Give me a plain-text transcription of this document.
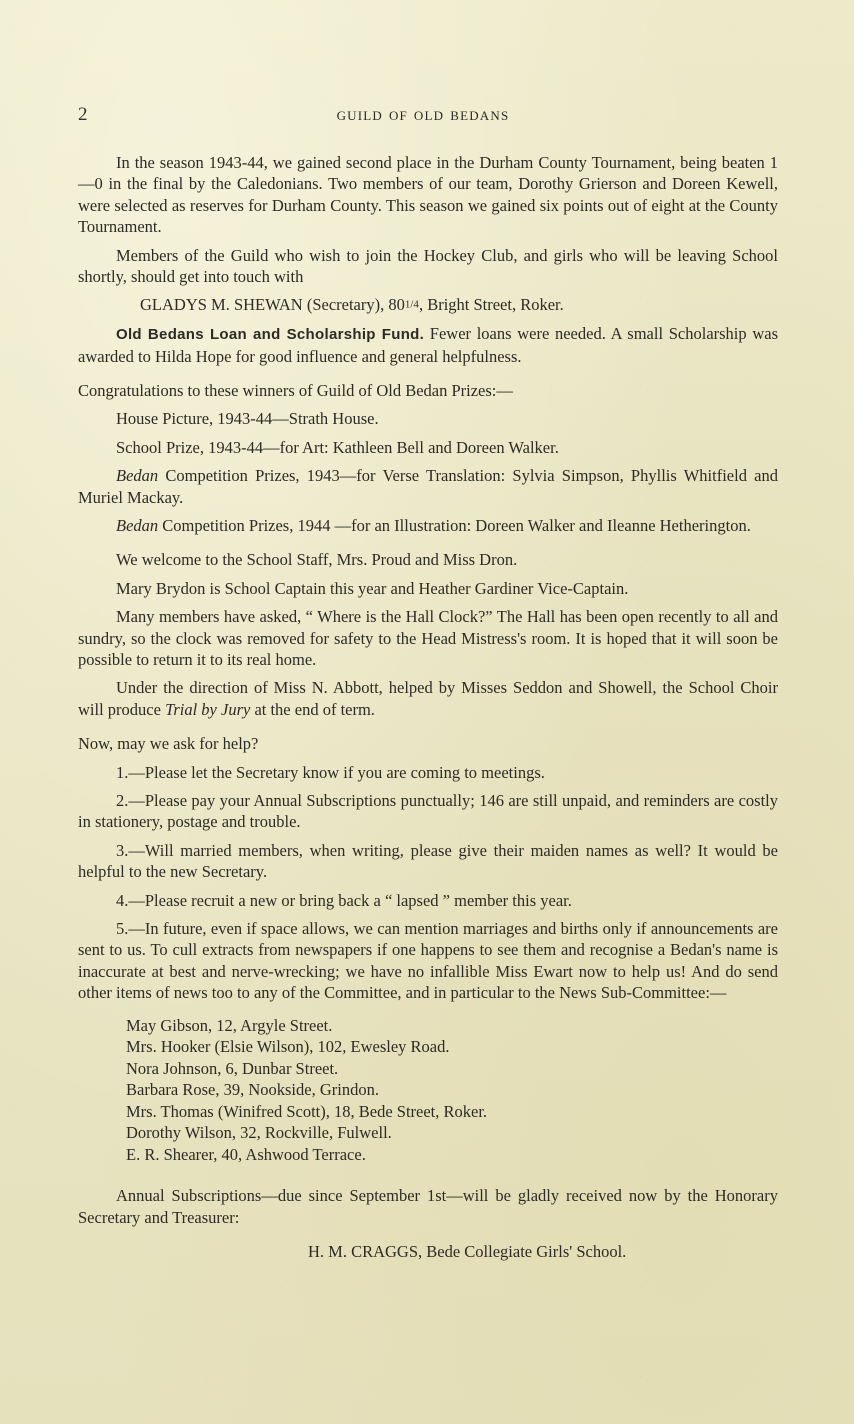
2	guild of old bedans

In the season 1943-44, we gained second place in the Durham County Tournament, being beaten 1—0 in the final by the Caledonians. Two members of our team, Dorothy Grierson and Doreen Kewell, were selected as reserves for Durham County. This season we gained six points out of eight at the County Tournament.

Members of the Guild who wish to join the Hockey Club, and girls who will be leaving School shortly, should get into touch with

GLADYS M. SHEWAN (Secretary), 801/4, Bright Street, Roker.

Old Bedans Loan and Scholarship Fund. Fewer loans were needed. A small Scholarship was awarded to Hilda Hope for good influence and general helpfulness.

Congratulations to these winners of Guild of Old Bedan Prizes:—

House Picture, 1943-44—Strath House.

School Prize, 1943-44—for Art: Kathleen Bell and Doreen Walker.

Bedan Competition Prizes, 1943—for Verse Translation: Sylvia Simpson, Phyllis Whitfield and Muriel Mackay.

Bedan Competition Prizes, 1944 —for an Illustration: Doreen Walker and Ileanne Hetherington.

We welcome to the School Staff, Mrs. Proud and Miss Dron.

Mary Brydon is School Captain this year and Heather Gardiner Vice-Captain.

Many members have asked, “ Where is the Hall Clock?” The Hall has been open recently to all and sundry, so the clock was removed for safety to the Head Mistress's room. It is hoped that it will soon be possible to return it to its real home.

Under the direction of Miss N. Abbott, helped by Misses Seddon and Showell, the School Choir will produce Trial by Jury at the end of term.

Now, may we ask for help?

1.—Please let the Secretary know if you are coming to meetings.

2.—Please pay your Annual Subscriptions punctually; 146 are still unpaid, and reminders are costly in stationery, postage and trouble.

3.—Will married members, when writing, please give their maiden names as well? It would be helpful to the new Secretary.

4.—Please recruit a new or bring back a “ lapsed ” member this year.

5.—In future, even if space allows, we can mention marriages and births only if announcements are sent to us. To cull extracts from newspapers if one happens to see them and recognise a Bedan's name is inaccurate at best and nerve-wrecking; we have no infallible Miss Ewart now to help us! And do send other items of news too to any of the Committee, and in particular to the News Sub-Committee:—

May Gibson, 12, Argyle Street.

Mrs. Hooker (Elsie Wilson), 102, Ewesley Road.

Nora Johnson, 6, Dunbar Street.

Barbara Rose, 39, Nookside, Grindon.

Mrs. Thomas (Winifred Scott), 18, Bede Street, Roker.

Dorothy Wilson, 32, Rockville, Fulwell.

E. R. Shearer, 40, Ashwood Terrace.

Annual Subscriptions—due since September 1st—will be gladly received now by the Honorary Secretary and Treasurer:

H. M. CRAGGS, Bede Collegiate Girls' School.
